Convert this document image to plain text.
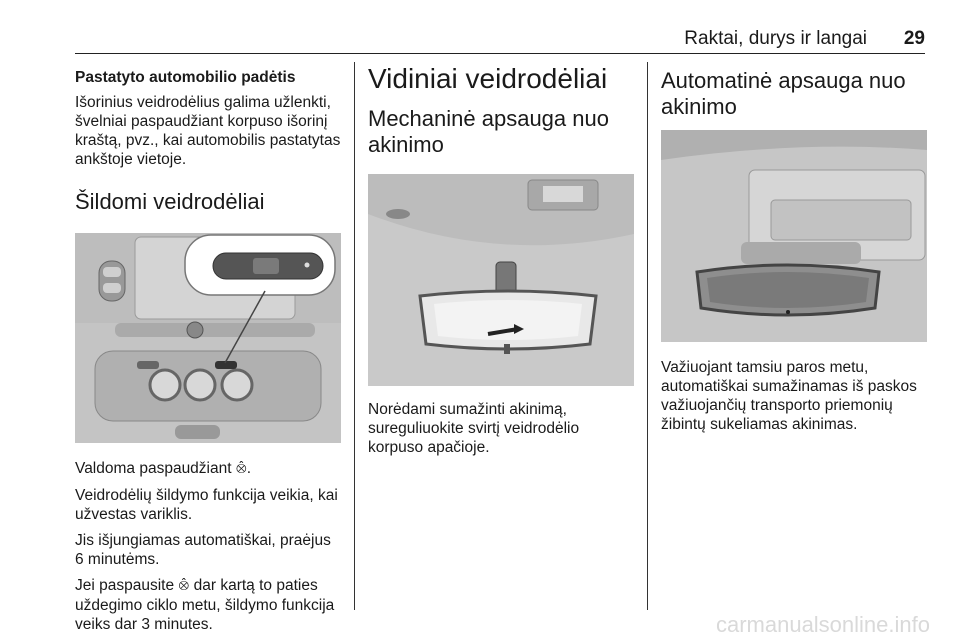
Raktai, durys ir langai 29
Pastatyto automobilio padėtis
Išorinius veidrodėlius galima užlenkti, švelniai paspaudžiant korpuso išorinį kraštą, pvz., kai automobilis pastatytas ankštoje vietoje.
Šildomi veidrodėliai
Valdoma paspaudžiant ⨶.
Veidrodėlių šildymo funkcija veikia, kai užvestas variklis.
Jis išjungiamas automatiškai, praėjus 6 minutėms.
Jei paspausite ⨶ dar kartą to paties uždegimo ciklo metu, šildymo funkcija veiks dar 3 minutes.
Vidiniai veidrodėliai
Mechaninė apsauga nuo akinimo
Norėdami sumažinti akinimą, sureguliuokite svirtį veidrodėlio korpuso apačioje.
Automatinė apsauga nuo akinimo
Važiuojant tamsiu paros metu, automatiškai sumažinamas iš paskos važiuojančių transporto priemonių žibintų sukeliamas akinimas.
carmanualsonline.info
